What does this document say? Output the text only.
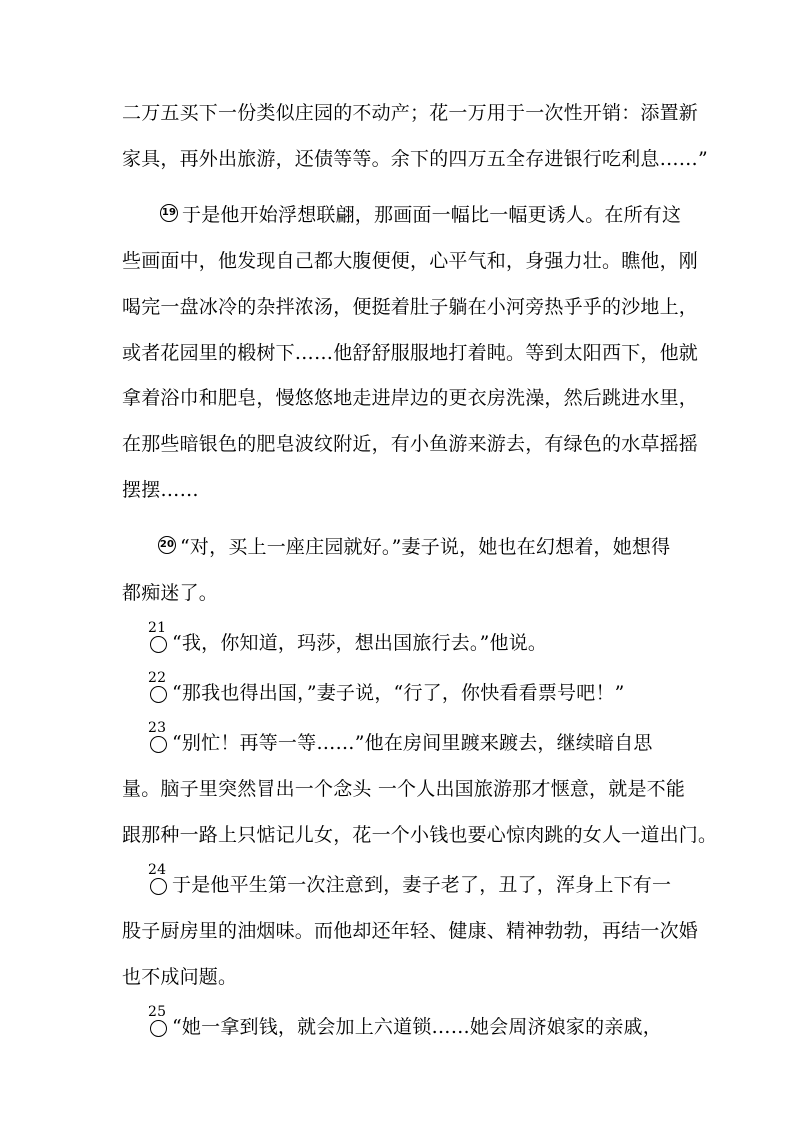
二万五买下一份类似庄园的不动产；花一万用于一次性开销：添置新
家具，再外出旅游，还债等等。余下的四万五全存进银行吃利息……”
19 于是他开始浮想联翩，那画面一幅比一幅更诱人。在所有这
些画面中，他发现自己都大腹便便，心平气和，身强力壮。瞧他，刚
喝完一盘冰冷的杂拌浓汤，便挺着肚子躺在小河旁热乎乎的沙地上，
或者花园里的椴树下……他舒舒服服地打着盹。等到太阳西下，他就
拿着浴巾和肥皂，慢悠悠地走进岸边的更衣房洗澡，然后跳进水里，
在那些暗银色的肥皂波纹附近，有小鱼游来游去，有绿色的水草摇摇
摆摆……
20 “对，买上一座庄园就好。”妻子说，她也在幻想着，她想得
都痴迷了。
21
“我，你知道，玛莎，想出国旅行去。”他说。
22
“那我也得出国，”妻子说，“行了，你快看看票号吧！”
23
“别忙！再等一等……”他在房间里踱来踱去，继续暗自思
量。脑子里突然冒出一个念头 一个人出国旅游那才惬意，就是不能
跟那种一路上只惦记儿女，花一个小钱也要心惊肉跳的女人一道出门。
24
于是他平生第一次注意到，妻子老了，丑了，浑身上下有一
股子厨房里的油烟味。而他却还年轻、健康、精神勃勃，再结一次婚
也不成问题。
25
“她一拿到钱，就会加上六道锁……她会周济娘家的亲戚，
